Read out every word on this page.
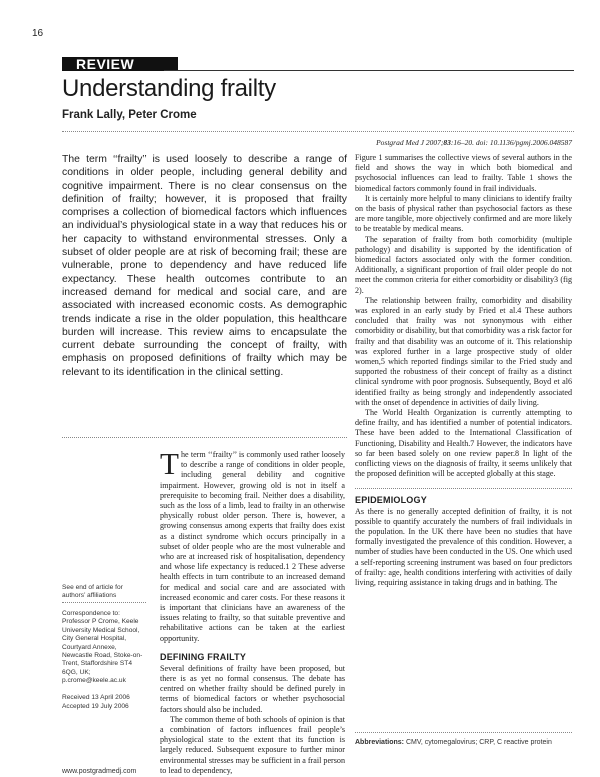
16
REVIEW
Understanding frailty
Frank Lally, Peter Crome
Postgrad Med J 2007;83:16–20. doi: 10.1136/pgmj.2006.048587
The term ‘‘frailty’’ is used loosely to describe a range of conditions in older people, including general debility and cognitive impairment. There is no clear consensus on the definition of frailty; however, it is proposed that frailty comprises a collection of biomedical factors which influences an individual’s physiological state in a way that reduces his or her capacity to withstand environmental stresses. Only a subset of older people are at risk of becoming frail; these are vulnerable, prone to dependency and have reduced life expectancy. These health outcomes contribute to an increased demand for medical and social care, and are associated with increased economic costs. As demographic trends indicate a rise in the older population, this healthcare burden will increase. This review aims to encapsulate the current debate surrounding the concept of frailty, with emphasis on proposed definitions of frailty which may be relevant to its identification in the clinical setting.
See end of article for authors’ affiliations
Correspondence to: Professor P Crome, Keele University Medical School, City General Hospital, Courtyard Annexe, Newcastle Road, Stoke-on-Trent, Staffordshire ST4 6QG, UK; p.crome@keele.ac.uk
Received 13 April 2006
Accepted 19 July 2006

The term ‘‘frailty’’ is commonly used rather loosely to describe a range of conditions in older people, including general debility and cognitive impairment. However, growing old is not in itself a prerequisite to becoming frail. Neither does a disability, such as the loss of a limb, lead to frailty in an otherwise physically robust older person. There is, however, a growing consensus among experts that frailty does exist as a distinct syndrome which occurs principally in a subset of older people who are the most vulnerable and who are at increased risk of hospitalisation, dependency and whose life expectancy is reduced.1 2 These adverse health effects in turn contribute to an increased demand for medical and social care and are associated with increased economic and carer costs. For these reasons it is important that clinicians have an awareness of the issues relating to frailty, so that suitable preventive and rehabilitative actions can be taken at the earliest opportunity.

DEFINING FRAILTY

Several definitions of frailty have been proposed, but there is as yet no formal consensus. The debate has centred on whether frailty should be defined purely in terms of biomedical factors or whether psychosocial factors should also be included.

The common theme of both schools of opinion is that a combination of factors influences frail people’s physiological state to the extent that its function is largely reduced. Subsequent exposure to further minor environmental stresses may be sufficient in a frail person to lead to dependency,

Figure 1 summarises the collective views of several authors in the field and shows the way in which both biomedical and psychosocial influences can lead to frailty. Table 1 shows the biomedical factors commonly found in frail individuals.

It is certainly more helpful to many clinicians to identify frailty on the basis of physical rather than psychosocial factors as these are more tangible, more objectively confirmed and are more likely to be treatable by medical means.

The separation of frailty from both comorbidity (multiple pathology) and disability is supported by the identification of biomedical factors associated only with the former condition. Additionally, a significant proportion of frail older people do not meet the common criteria for either comorbidity or disability3 (fig 2).

The relationship between frailty, comorbidity and disability was explored in an early study by Fried et al.4 These authors concluded that frailty was not synonymous with either comorbidity or disability, but that comorbidity was a risk factor for frailty and that disability was an outcome of it. This relationship was explored further in a large prospective study of older women,5 which reported findings similar to the Fried study and supported the robustness of their concept of frailty as a distinct clinical syndrome with poor prognosis. Subsequently, Boyd et al6 identified frailty as being strongly and independently associated with the onset of dependence in activities of daily living.

The World Health Organization is currently attempting to define frailty, and has identified a number of potential indicators. These have been added to the International Classification of Functioning, Disability and Health.7 However, the indicators have so far been based solely on one review paper.8 In light of the conflicting views on the diagnosis of frailty, it seems unlikely that the proposed definition will be accepted globally at this stage.

EPIDEMIOLOGY

As there is no generally accepted definition of frailty, it is not possible to quantify accurately the numbers of frail individuals in the population. In the UK there have been no studies that have formally investigated the prevalence of this condition. However, a number of studies have been conducted in the US. One which used a self-reporting screening instrument was based on four predictors of frailty: age, health conditions interfering with activities of daily living, requiring assistance in taking drugs and in bathing. The

Abbreviations: CMV, cytomegalovirus; CRP, C reactive protein
www.postgradmedj.com
